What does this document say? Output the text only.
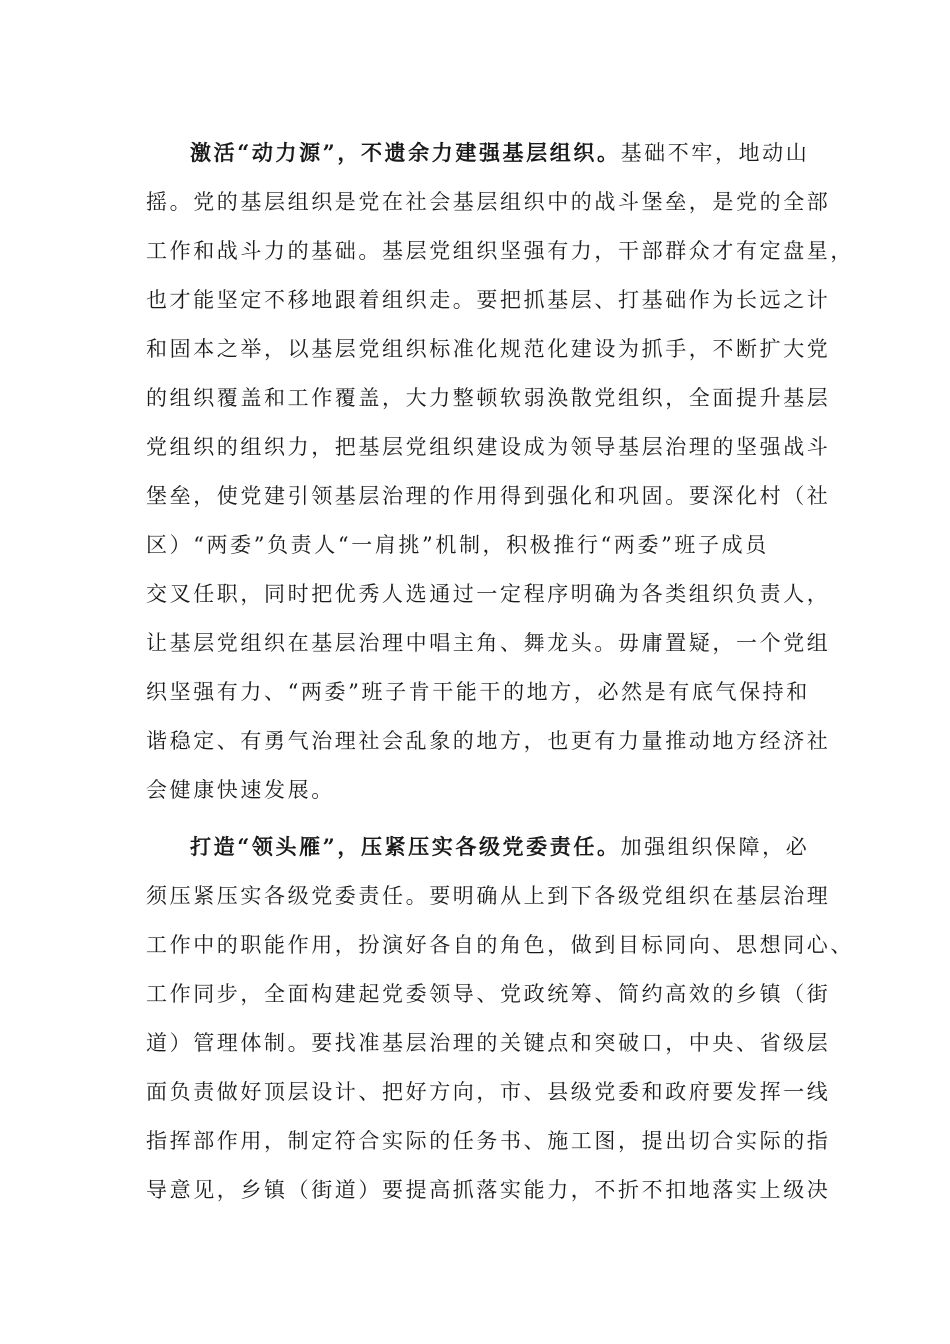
激活“动力源”，不遗余力建强基层组织。基础不牢，地动山
摇。党的基层组织是党在社会基层组织中的战斗堡垒，是党的全部
工作和战斗力的基础。基层党组织坚强有力，干部群众才有定盘星，
也才能坚定不移地跟着组织走。要把抓基层、打基础作为长远之计
和固本之举，以基层党组织标准化规范化建设为抓手，不断扩大党
的组织覆盖和工作覆盖，大力整顿软弱涣散党组织，全面提升基层
党组织的组织力，把基层党组织建设成为领导基层治理的坚强战斗
堡垒，使党建引领基层治理的作用得到强化和巩固。要深化村（社
区）“两委”负责人“一肩挑”机制，积极推行“两委”班子成员
交叉任职，同时把优秀人选通过一定程序明确为各类组织负责人，
让基层党组织在基层治理中唱主角、舞龙头。毋庸置疑，一个党组
织坚强有力、“两委”班子肯干能干的地方，必然是有底气保持和
谐稳定、有勇气治理社会乱象的地方，也更有力量推动地方经济社
会健康快速发展。
打造“领头雁”，压紧压实各级党委责任。加强组织保障，必
须压紧压实各级党委责任。要明确从上到下各级党组织在基层治理
工作中的职能作用，扮演好各自的角色，做到目标同向、思想同心、
工作同步，全面构建起党委领导、党政统筹、简约高效的乡镇（街
道）管理体制。要找准基层治理的关键点和突破口，中央、省级层
面负责做好顶层设计、把好方向，市、县级党委和政府要发挥一线
指挥部作用，制定符合实际的任务书、施工图，提出切合实际的指
导意见，乡镇（街道）要提高抓落实能力，不折不扣地落实上级决
